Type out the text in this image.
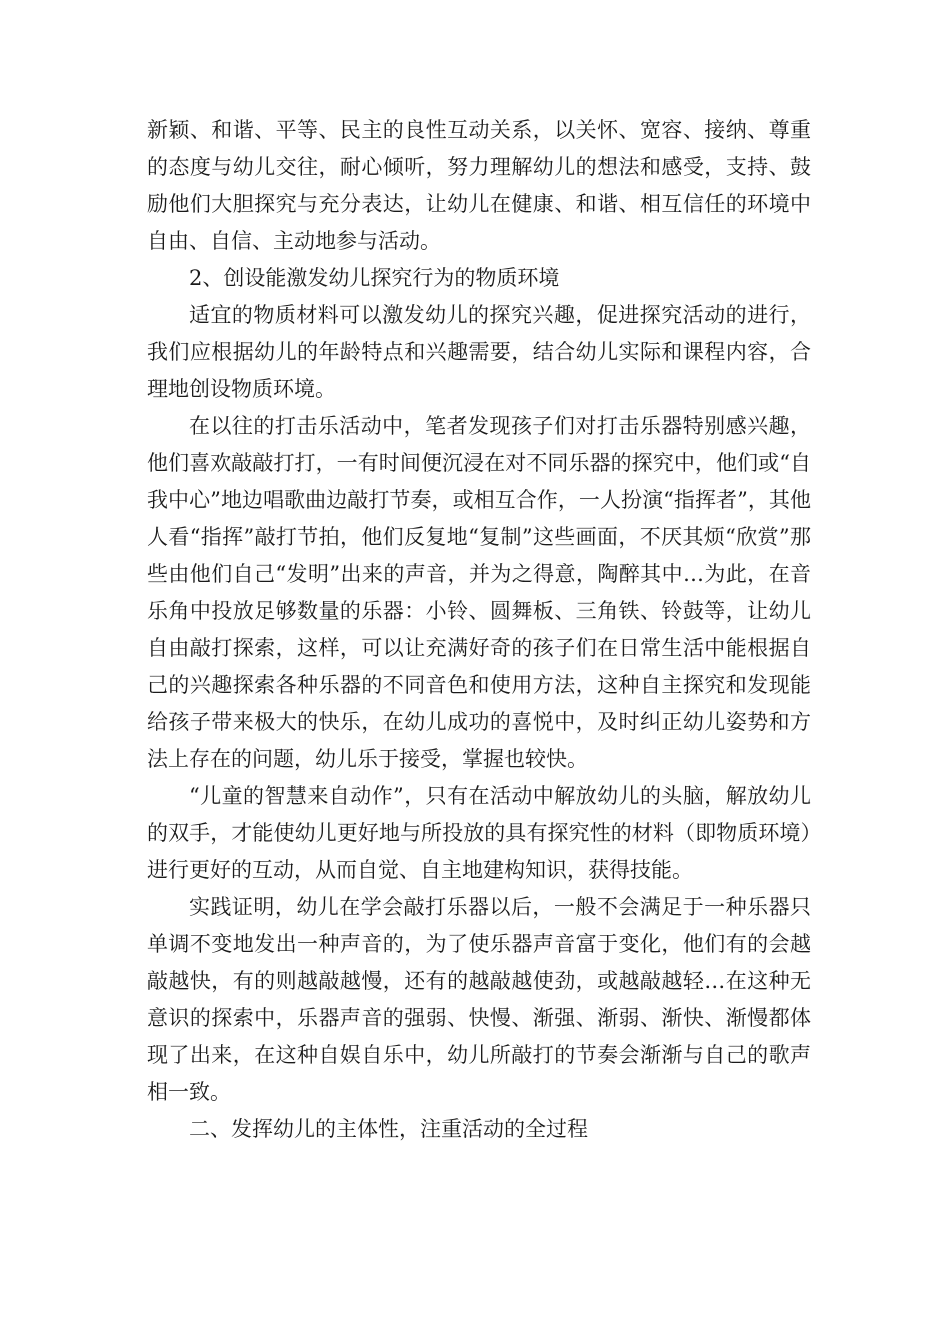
新颖、和谐、平等、民主的良性互动关系，以关怀、宽容、接纳、尊重的态度与幼儿交往，耐心倾听，努力理解幼儿的想法和感受，支持、鼓励他们大胆探究与充分表达，让幼儿在健康、和谐、相互信任的环境中自由、自信、主动地参与活动。

2、创设能激发幼儿探究行为的物质环境

适宜的物质材料可以激发幼儿的探究兴趣，促进探究活动的进行，我们应根据幼儿的年龄特点和兴趣需要，结合幼儿实际和课程内容，合理地创设物质环境。

在以往的打击乐活动中，笔者发现孩子们对打击乐器特别感兴趣，他们喜欢敲敲打打，一有时间便沉浸在对不同乐器的探究中，他们或“自我中心”地边唱歌曲边敲打节奏，或相互合作，一人扮演“指挥者”，其他人看“指挥”敲打节拍，他们反复地“复制”这些画面，不厌其烦“欣赏”那些由他们自己“发明”出来的声音，并为之得意，陶醉其中…为此，在音乐角中投放足够数量的乐器：小铃、圆舞板、三角铁、铃鼓等，让幼儿自由敲打探索，这样，可以让充满好奇的孩子们在日常生活中能根据自己的兴趣探索各种乐器的不同音色和使用方法，这种自主探究和发现能给孩子带来极大的快乐，在幼儿成功的喜悦中，及时纠正幼儿姿势和方法上存在的问题，幼儿乐于接受，掌握也较快。

“儿童的智慧来自动作”，只有在活动中解放幼儿的头脑，解放幼儿的双手，才能使幼儿更好地与所投放的具有探究性的材料（即物质环境）进行更好的互动，从而自觉、自主地建构知识，获得技能。

实践证明，幼儿在学会敲打乐器以后，一般不会满足于一种乐器只单调不变地发出一种声音的，为了使乐器声音富于变化，他们有的会越敲越快，有的则越敲越慢，还有的越敲越使劲，或越敲越轻…在这种无意识的探索中，乐器声音的强弱、快慢、渐强、渐弱、渐快、渐慢都体现了出来，在这种自娱自乐中，幼儿所敲打的节奏会渐渐与自己的歌声相一致。

二、发挥幼儿的主体性，注重活动的全过程
